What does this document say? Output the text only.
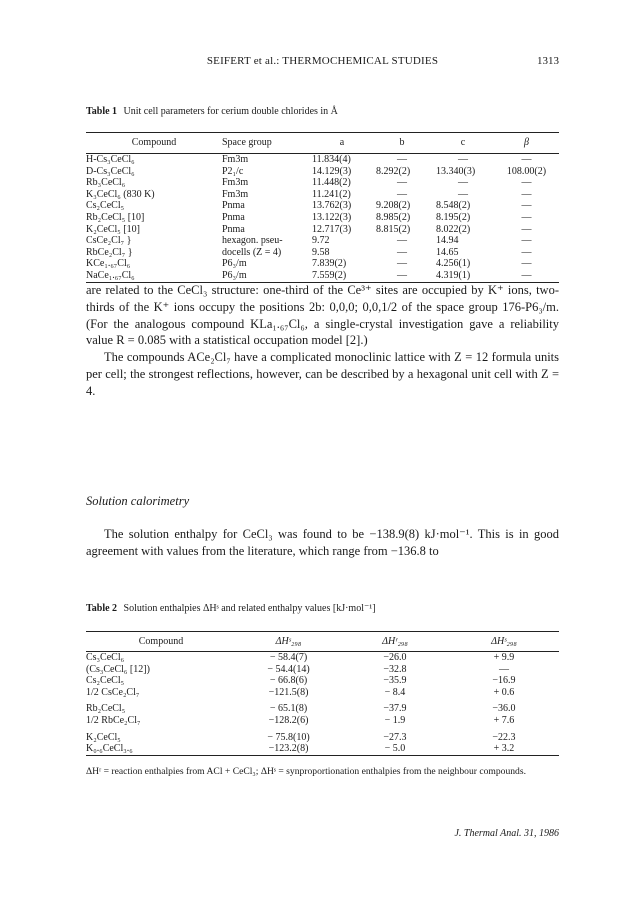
SEIFERT et al.: THERMOCHEMICAL STUDIES	1313
Table 1 Unit cell parameters for cerium double chlorides in Å
Compound	Space group	a	b	c	β
H-Cs₃CeCl₆	Fm3m	11.834(4)	—	—	—
D-Cs₃CeCl₆	P2₁/c	14.129(3)	8.292(2)	13.340(3)	108.00(2)
Rb₃CeCl₆	Fm3m	11.448(2)	—	—	—
K₃CeCl₆ (830 K)	Fm3m	11.241(2)	—	—	—
Cs₂CeCl₅	Pnma	13.762(3)	9.208(2)	8.548(2)	—
Rb₂CeCl₅ [10]	Pnma	13.122(3)	8.985(2)	8.195(2)	—
K₂CeCl₅ [10]	Pnma	12.717(3)	8.815(2)	8.022(2)	—
CsCe₂Cl₇ }	hexagon. pseu-	9.72	—	14.94	—
RbCe₂Cl₇ }	docells (Z = 4)	9.58	—	14.65	—
KCe₁.₆₇Cl₆	P6₃/m	7.839(2)	—	4.256(1)	—
NaCe₁.₆₇Cl₆	P6₃/m	7.559(2)	—	4.319(1)	—

are related to the CeCl₃ structure: one-third of the Ce³⁺ sites are occupied by K⁺ ions, two-thirds of the K⁺ ions occupy the positions 2b: 0,0,0; 0,0,1/2 of the space group 176-P6₃/m. (For the analogous compound KLa₁.₆₇Cl₆, a single-crystal investigation gave a reliability value R = 0.085 with a statistical occupation model [2].)

The compounds ACe₂Cl₇ have a complicated monoclinic lattice with Z = 12 formula units per cell; the strongest reflections, however, can be described by a hexagonal unit cell with Z = 4.

Solution calorimetry

The solution enthalpy for CeCl₃ was found to be −138.9(8) kJ·mol⁻¹. This is in good agreement with values from the literature, which range from −136.8 to

Table 2 Solution enthalpies ΔHˢ and related enthalpy values [kJ·mol⁻¹]
Compound	ΔHˢ₂₉₈	ΔHʳ₂₉₈	ΔHˢ₂₉₈
Cs₃CeCl₆	− 58.4(7)	−26.0	+ 9.9
(Cs₃CeCl₆ [12])	− 54.4(14)	−32.8	—
Cs₂CeCl₅	− 66.8(6)	−35.9	−16.9
1/2 CsCe₂Cl₇	−121.5(8)	− 8.4	+ 0.6
Rb₂CeCl₅	− 65.1(8)	−37.9	−36.0
1/2 RbCe₂Cl₇	−128.2(6)	− 1.9	+ 7.6
K₂CeCl₅	− 75.8(10)	−27.3	−22.3
K₀.₆CeCl₃.₆	−123.2(8)	− 5.0	+ 3.2
ΔHʳ = reaction enthalpies from ACl + CeCl₃; ΔHˢ = synproportionation enthalpies from the neighbour compounds.
J. Thermal Anal. 31, 1986
